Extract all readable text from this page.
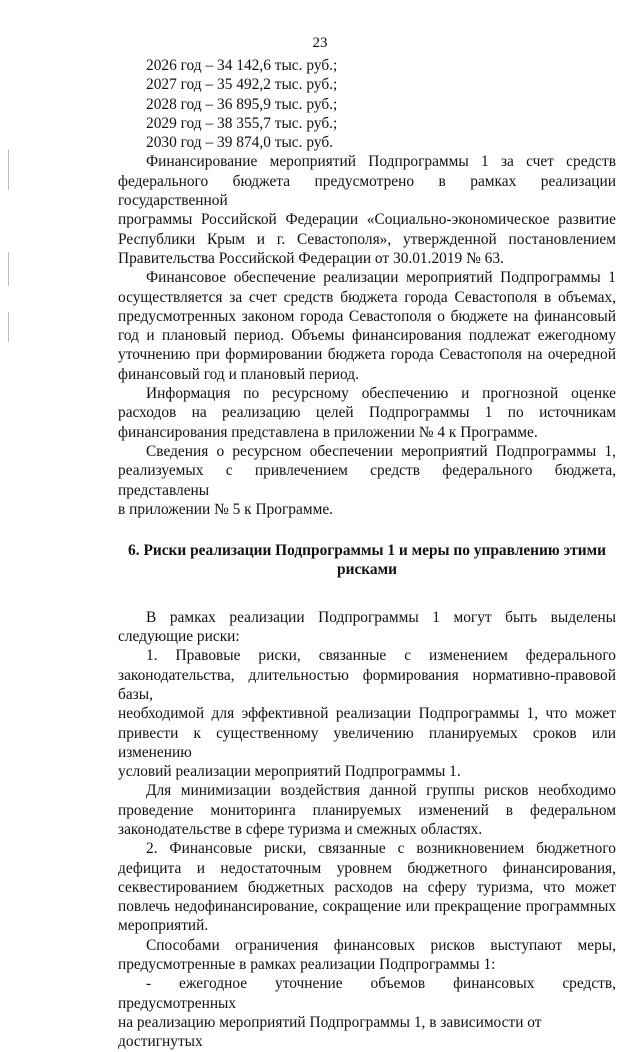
23
2026 год – 34 142,6 тыс. руб.;
2027 год – 35 492,2 тыс. руб.;
2028 год – 36 895,9 тыс. руб.;
2029 год – 38 355,7 тыс. руб.;
2030 год – 39 874,0 тыс. руб.
Финансирование мероприятий Подпрограммы 1 за счет средств
федерального бюджета предусмотрено в рамках реализации государственной
программы Российской Федерации «Социально-экономическое развитие
Республики Крым и г. Севастополя», утвержденной постановлением
Правительства Российской Федерации от 30.01.2019 № 63.
Финансовое обеспечение реализации мероприятий Подпрограммы 1
осуществляется за счет средств бюджета города Севастополя в объемах,
предусмотренных законом города Севастополя о бюджете на финансовый
год и плановый период. Объемы финансирования подлежат ежегодному
уточнению при формировании бюджета города Севастополя на очередной
финансовый год и плановый период.
Информация по ресурсному обеспечению и прогнозной оценке
расходов на реализацию целей Подпрограммы 1 по источникам
финансирования представлена в приложении № 4 к Программе.
Сведения о ресурсном обеспечении мероприятий Подпрограммы 1,
реализуемых с привлечением средств федерального бюджета, представлены
в приложении № 5 к Программе.
6. Риски реализации Подпрограммы 1 и меры по управлению этими
рисками
В рамках реализации Подпрограммы 1 могут быть выделены
следующие риски:
1. Правовые риски, связанные с изменением федерального
законодательства, длительностью формирования нормативно-правовой базы,
необходимой для эффективной реализации Подпрограммы 1, что может
привести к существенному увеличению планируемых сроков или изменению
условий реализации мероприятий Подпрограммы 1.
Для минимизации воздействия данной группы рисков необходимо
проведение мониторинга планируемых изменений в федеральном
законодательстве в сфере туризма и смежных областях.
2. Финансовые риски, связанные с возникновением бюджетного
дефицита и недостаточным уровнем бюджетного финансирования,
секвестированием бюджетных расходов на сферу туризма, что может
повлечь недофинансирование, сокращение или прекращение программных
мероприятий.
Способами ограничения финансовых рисков выступают меры,
предусмотренные в рамках реализации Подпрограммы 1:
- ежегодное уточнение объемов финансовых средств, предусмотренных
на реализацию мероприятий Подпрограммы 1, в зависимости от достигнутых
